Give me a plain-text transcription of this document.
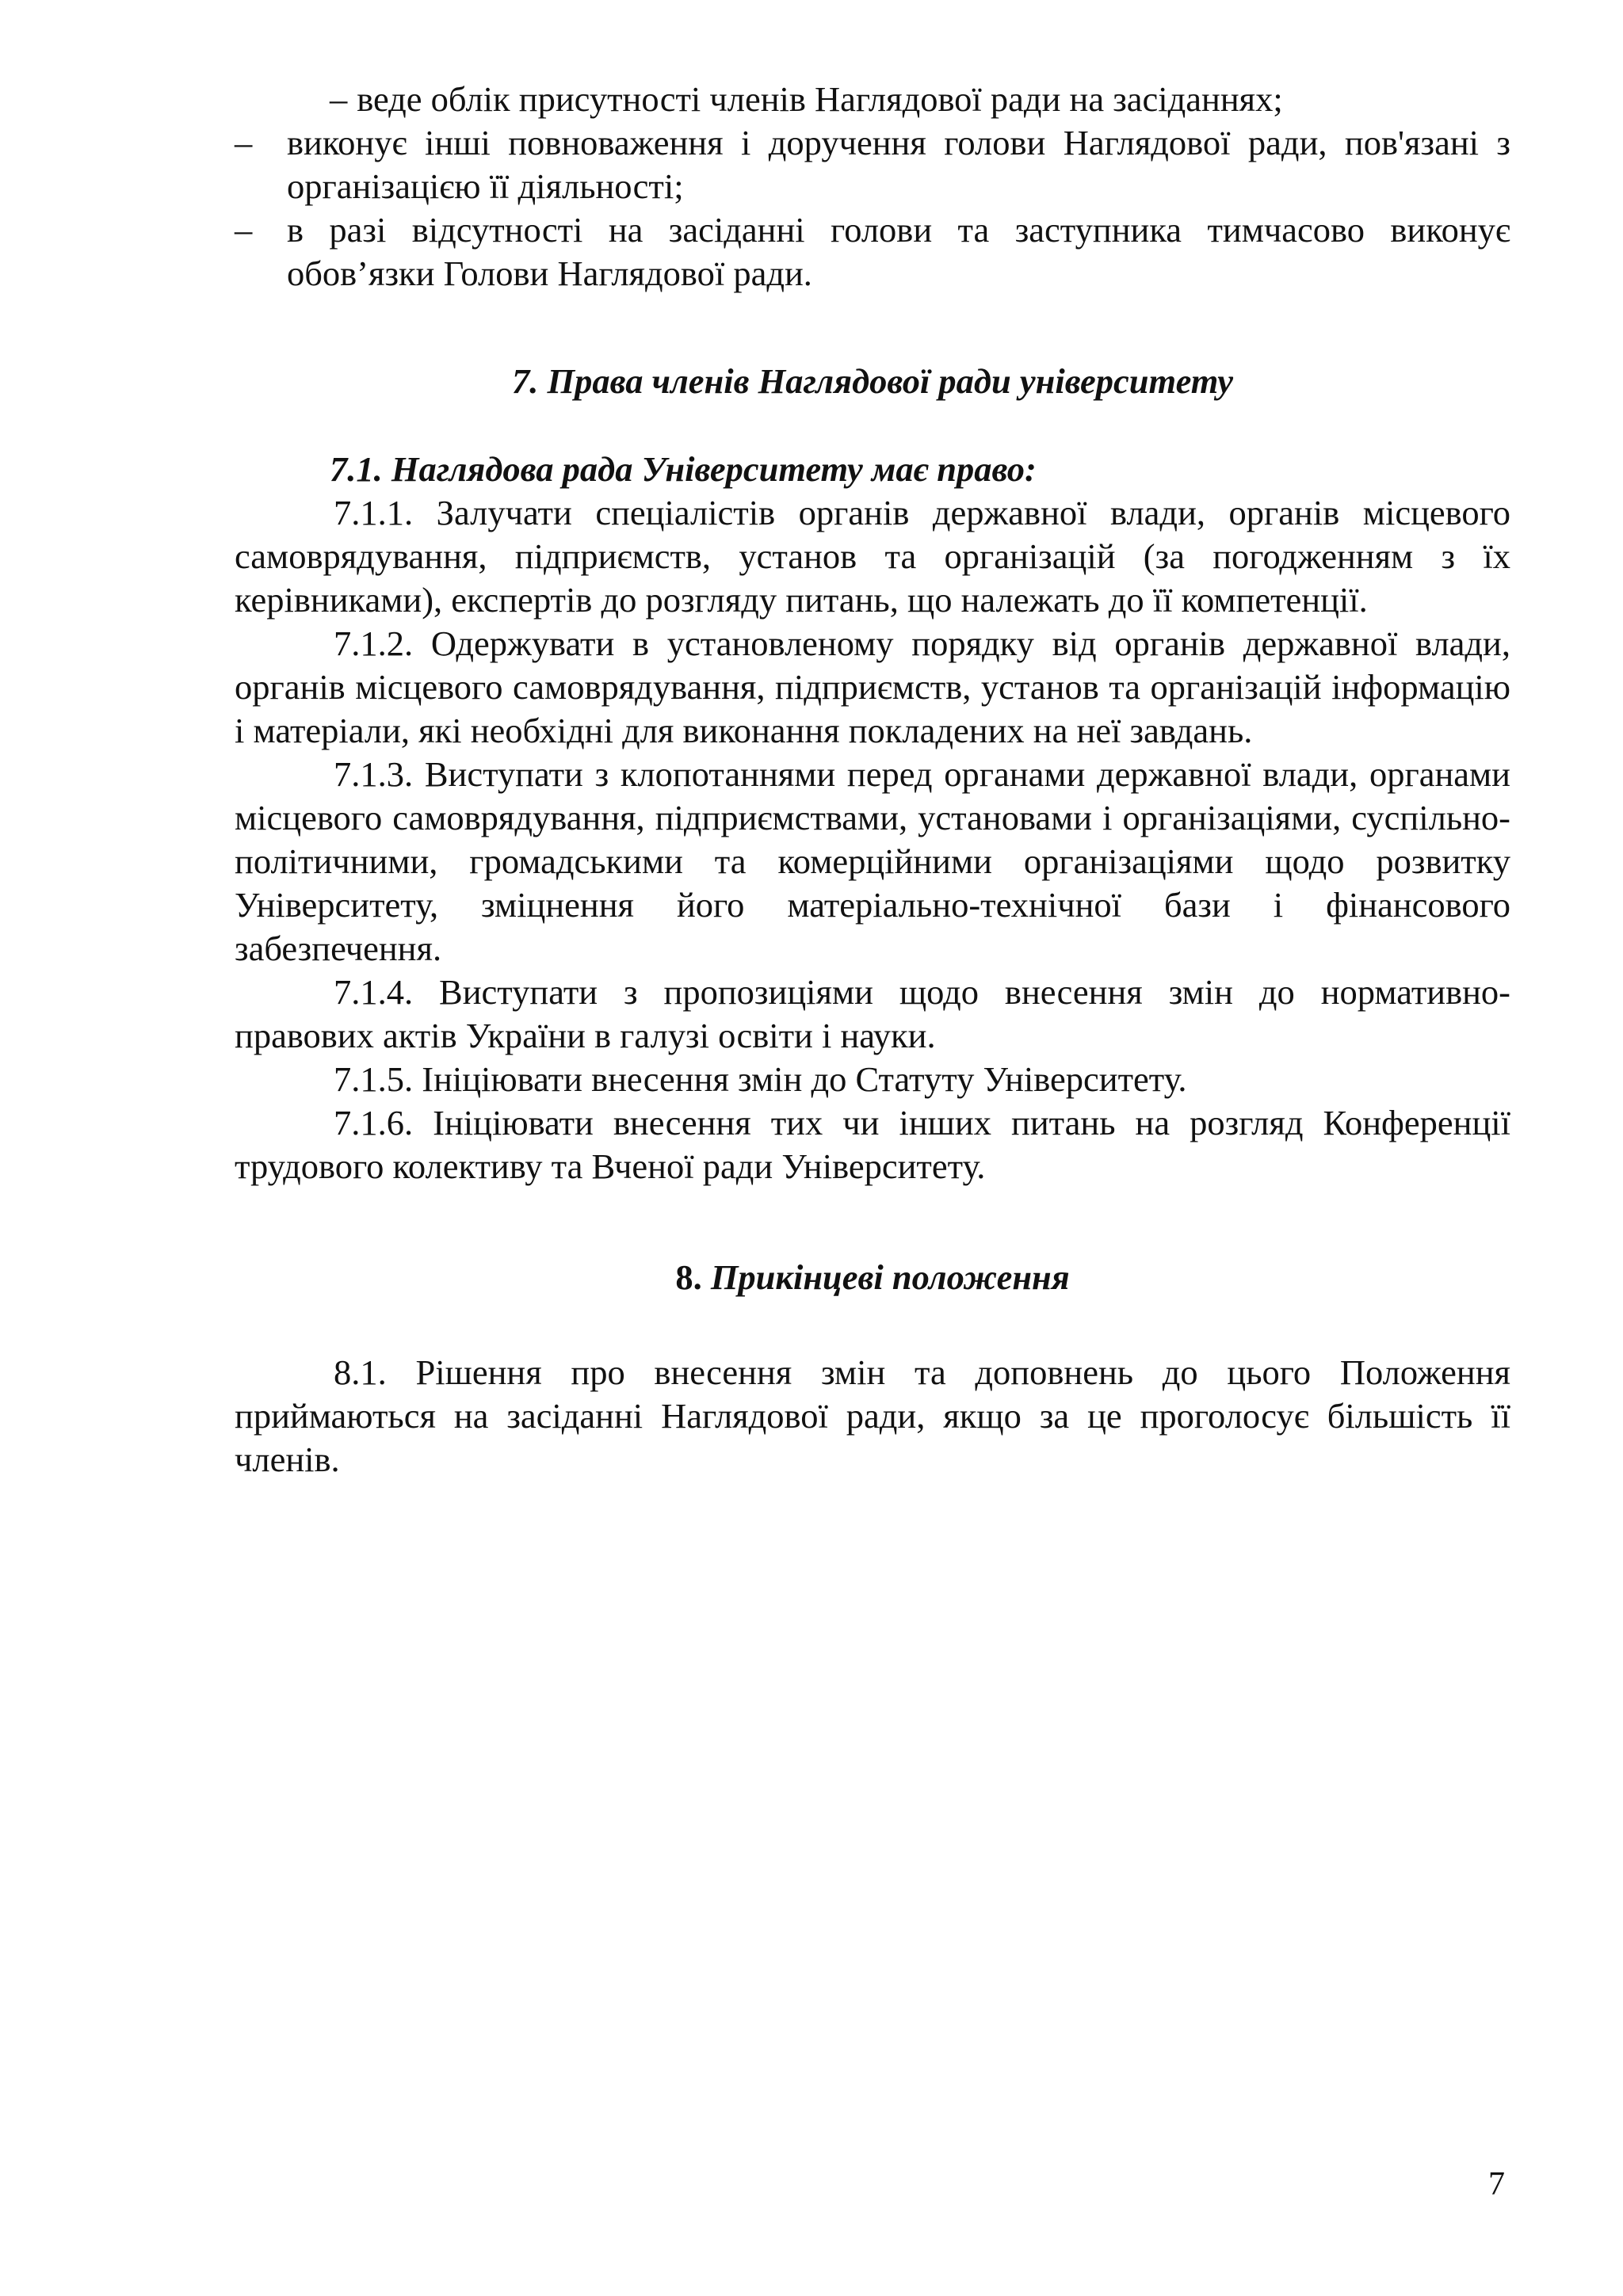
– веде облік присутності членів Наглядової ради на засіданнях;
– виконує інші повноваження і доручення голови Наглядової ради, пов'язані з організацією її діяльності;
– в разі відсутності на засіданні голови та заступника тимчасово виконує обов’язки Голови Наглядової ради.
7. Права членів Наглядової ради університету
7.1. Наглядова рада Університету має право:
7.1.1. Залучати спеціалістів органів державної влади, органів місцевого самоврядування, підприємств, установ та організацій (за погодженням з їх керівниками), експертів до розгляду питань, що належать до її компетенції.
7.1.2. Одержувати в установленому порядку від органів державної влади, органів місцевого самоврядування, підприємств, установ та організацій інформацію і матеріали, які необхідні для виконання покладених на неї завдань.
7.1.3. Виступати з клопотаннями перед органами державної влади, органами місцевого самоврядування, підприємствами, установами і організаціями, суспільно-політичними, громадськими та комерційними організаціями щодо розвитку Університету, зміцнення його матеріально-технічної бази і фінансового забезпечення.
7.1.4. Виступати з пропозиціями щодо внесення змін до нормативно-правових актів України в галузі освіти і науки.
7.1.5. Ініціювати внесення змін до Статуту Університету.
7.1.6. Ініціювати внесення тих чи інших питань на розгляд Конференції трудового колективу та Вченої ради Університету.
8. Прикінцеві положення
8.1. Рішення про внесення змін та доповнень до цього Положення приймаються на засіданні Наглядової ради, якщо за це проголосує більшість її членів.
7
